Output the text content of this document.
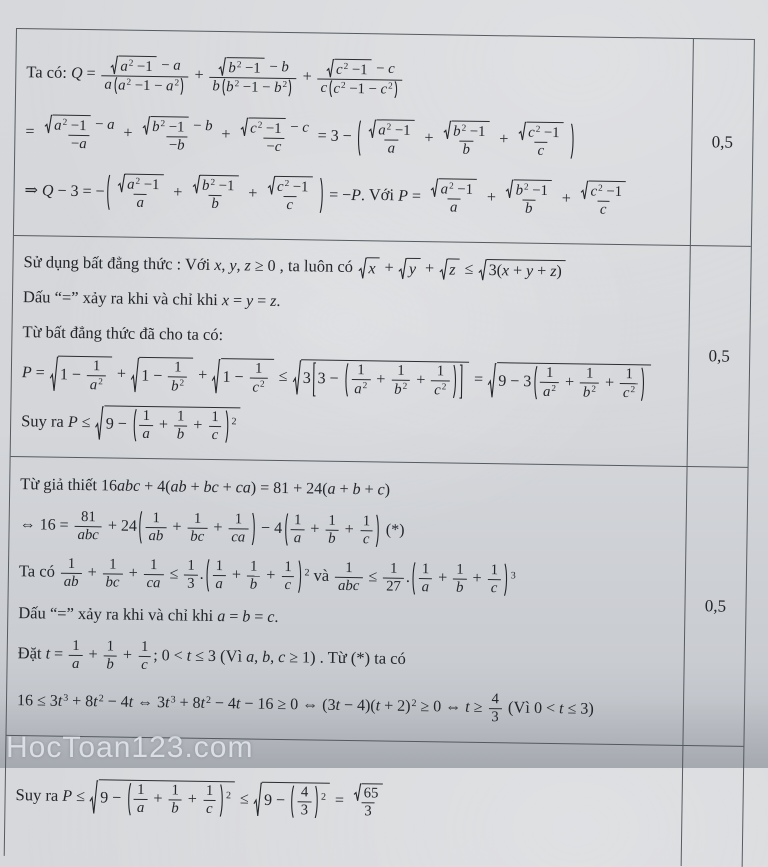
Ta có: $Q = \frac{a^2 -1 - a}{a a^2 -1 - a^2} + \frac{b^2 -1 - b}{b b^2 -1 - b^2} + \frac{c^2 -1 - c}{c c^2 -1 - c^2}$
= $\frac{a^2 -1 - a}{-a} + \frac{b^2 -1 - b}{-b} + \frac{c^2 -1 - c}{-c} = 3 - \frac{a^2 -1}{a} + \frac{b^2 -1}{b} + \frac{c^2 -1}{c}$
⇒ Q − 3 = − $\frac{a^2 -1}{a} + \frac{b^2 -1}{b} + \frac{c^2 -1}{c} = -P$. Với $P = \frac{a^2 -1}{a} + \frac{b^2 -1}{b} + \frac{c^2 -1}{c}$
0,5
Sử dụng bất đẳng thức : Với x, y, z ≥ 0 , ta luôn có x + y + z ≤ 3(x + y + z)
Dấu “=” xảy ra khi và chỉ khi x = y = z.
Từ bất đẳng thức đã cho ta có:
$P = 1 - \frac{1}{a^2} + 1 - \frac{1}{b^2} + 1 - \frac{1}{c^2} \le 3$ $3 - \frac{1}{a^2} + \frac{1}{b^2} + \frac{1}{c^2} = 9 - 3 \frac{1}{a^2} + \frac{1}{b^2} + \frac{1}{c^2}$
Suy ra $P \le 9 - \frac{1}{a} + \frac{1}{b} + \frac{1}{c} ^2$
0,5
Từ giả thiết 16abc + 4(ab + bc + ca) = 81 + 24(a + b + c)
⇔ $16 = \frac{81}{\text{abc}} + 24 \frac{1}{ab} + \frac{1}{bc} + \frac{1}{ca} - 4 \frac{1}{a} + \frac{1}{b} + \frac{1}{c}$ (*)
Ta có $\frac{1}{ab} + \frac{1}{bc} + \frac{1}{ca} \le \frac{1}{3}$ . $\frac{1}{a} + \frac{1}{b} + \frac{1}{c} ^2$ và $\frac{1}{\text{abc}} \le \frac{1}{27}$ . $\frac{1}{a} + \frac{1}{b} + \frac{1}{c} ^3$
Dấu “=” xảy ra khi và chỉ khi a = b = c.
Đặt $t = \frac{1}{a} + \frac{1}{b} + \frac{1}{c}$ ; 0 < t ≤ 3 (Vì a, b, c ≥ 1) . Từ (*) ta có
$16 \le 3t^3 + 8t^2 - 4t$ ⇔ $3t^3 + 8t^2 - 4t - 16 \ge 0$ ⇔ $(3t - 4)(t + 2)^2 \ge 0$ ⇔ $t \ge \frac{4}{3}$ (Vì 0 < t ≤ 3)
0,5
Suy ra $P \le 9 - \frac{1}{a} + \frac{1}{b} + \frac{1}{c} ^2 \le 9 - \frac{4}{3} ^2 = \frac{65}{3}$
HocToan123.com
